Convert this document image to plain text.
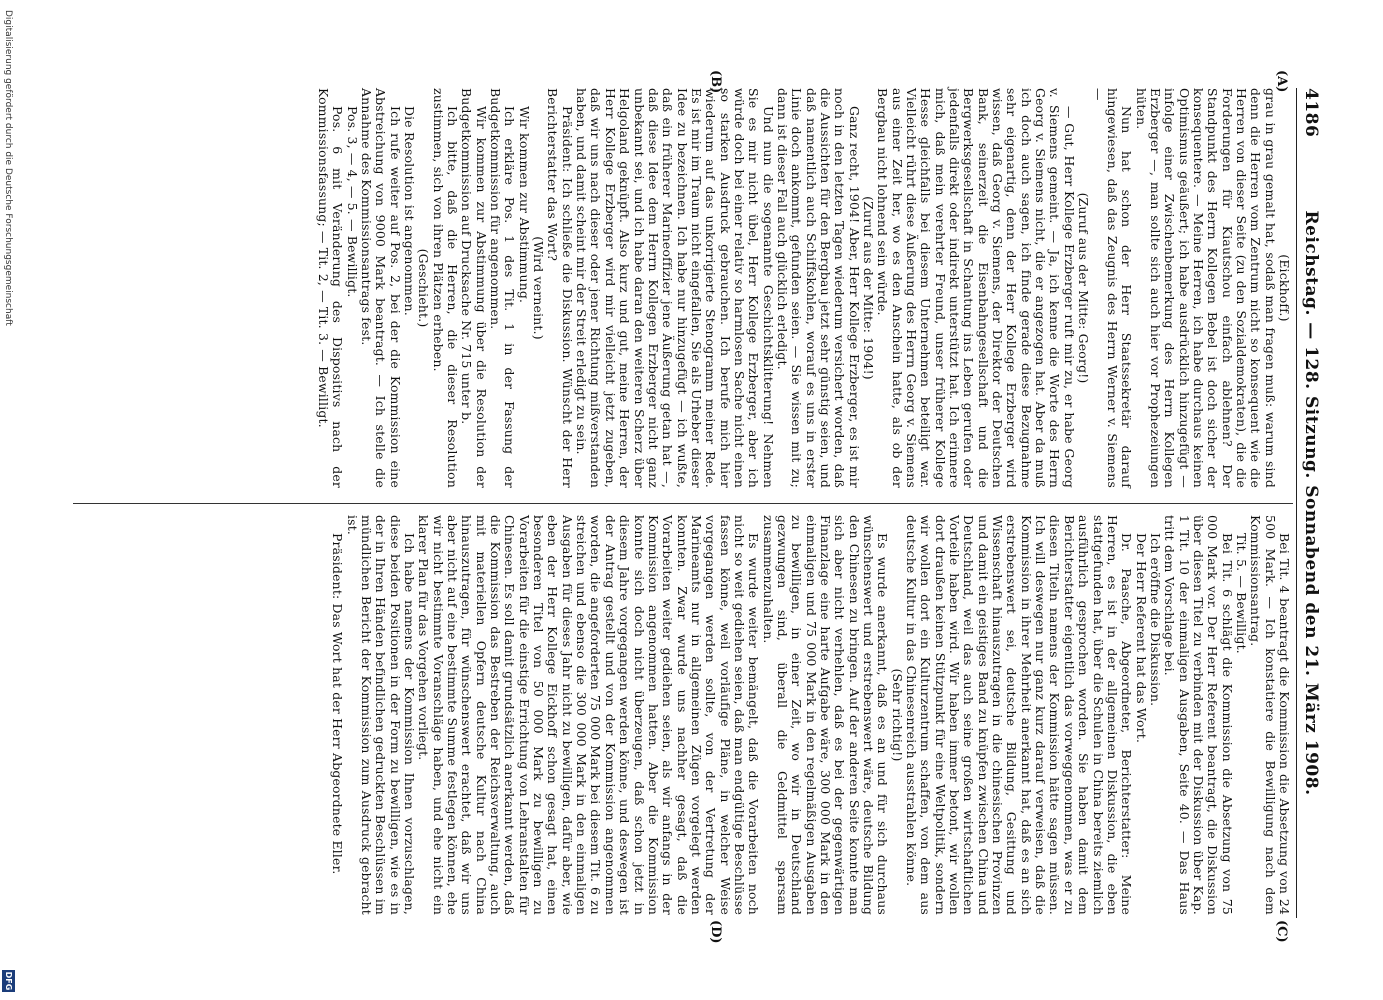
4186
Reichstag. — 128. Sitzung. Sonnabend den 21. März 1908.
(A)
(B)
(C)
(D)

(Eickhoff.)

grau in grau gemalt hat, sodaß man fragen muß: warum sind denn die Herren vom Zentrum nicht so konsequent wie die Herren von dieser Seite (zu den Sozialdemokraten), die die Forderungen für Kiautschou einfach ablehnen? Der Standpunkt des Herrn Kollegen Bebel ist doch sicher der konsequentere. — Meine Herren, ich habe durchaus keinen Optimismus geäußert; ich habe ausdrücklich hinzugefügt — infolge einer Zwischenbemerkung des Herrn Kollegen Erzberger —, man sollte sich auch hier vor Prophezeiungen hüten.

Nun hat schon der Herr Staatssekretär darauf hingewiesen, daß das Zeugnis des Herrn Werner v. Siemens —

(Zuruf aus der Mitte: Georg!)

— Gut, Herr Kollege Erzberger ruft mir zu, er habe Georg v. Siemens gemeint. — Ja, ich kenne die Worte des Herrn Georg v. Siemens nicht, die er angezogen hat. Aber da muß ich doch auch sagen, ich finde gerade diese Bezugnahme sehr eigenartig, denn der Herr Kollege Erzberger wird wissen, daß Georg v. Siemens, der Direktor der Deutschen Bank, seinerzeit die Eisenbahngesellschaft und die Bergwerksgesellschaft in Schantung ins Leben gerufen oder jedenfalls direkt oder indirekt unterstützt hat. Ich erinnere mich, daß mein verehrter Freund, unser früherer Kollege Hesse gleichfalls bei diesem Unternehmen beteiligt war. Vielleicht rührt diese Äußerung des Herrn Georg v. Siemens aus einer Zeit her, wo es den Anschein hatte, als ob der Bergbau nicht lohnend sein würde.

(Zuruf aus der Mitte: 1904!)

Ganz recht, 1904! Aber, Herr Kollege Erzberger, es ist mir noch in den letzten Tagen wiederum versichert worden, daß die Aussichten für den Bergbau jetzt sehr günstig seien, und daß namentlich auch Schiffskohlen, worauf es uns in erster Linie doch ankommt, gefunden seien. — Sie wissen mit zu; dann ist dieser Fall auch glücklich erledigt.

Und nun die sogenannte Geschichtsklitterung! Nehmen Sie es mir nicht übel, Herr Kollege Erzberger, aber ich würde doch bei einer relativ so harmlosen Sache nicht einen so starken Ausdruck gebrauchen. Ich berufe mich hier wiederum auf das unkorrigierte Stenogramm meiner Rede. Es ist mir im Traum nicht eingefallen, Sie als Urheber dieser Idee zu bezeichnen. Ich habe nur hinzugefügt — ich wußte, daß ein früherer Marineoffizier jene Äußerung getan hat —, daß diese Idee dem Herrn Kollegen Erzberger nicht ganz unbekannt sei, und ich habe daran den weiteren Scherz über Helgoland geknüpft. Also kurz und gut, meine Herren, der Herr Kollege Erzberger wird mir vielleicht jetzt zugeben, daß wir uns nach dieser oder jener Richtung mißverstanden haben, und damit scheint mir der Streit erledigt zu sein.

Präsident: Ich schließe die Diskussion. Wünscht der Herr Berichterstatter das Wort?

(Wird verneint.)

Wir kommen zur Abstimmung.

Ich erkläre Pos. 1 des Tit. 1 in der Fassung der Budgetkommission für angenommen.

Wir kommen zur Abstimmung über die Resolution der Budgetkommission auf Drucksache Nr. 715 unter b.

Ich bitte, daß die Herren, die dieser Resolution zustimmen, sich von ihren Plätzen erheben.

(Geschieht.)

Die Resolution ist angenommen.

Ich rufe weiter auf Pos. 2, bei der die Kommission eine Abstreichung von 9000 Mark beantragt. — Ich stelle die Annahme des Kommissionsantrags fest.

Pos. 3, — 4, — 5. — Bewilligt.

Pos. 6 mit Veränderung des Dispositivs nach der Kommissionsfassung; — Tit. 2, — Tit. 3. — Bewilligt.

Bei Tit. 4 beantragt die Kommission die Absetzung von 24 500 Mark. — Ich konstatiere die Bewilligung nach dem Kommissionsantrag.

Tit. 5. — Bewilligt.

Bei Tit. 6 schlägt die Kommission die Absetzung von 75 000 Mark vor. Der Herr Referent beantragt, die Diskussion über diesen Titel zu verbinden mit der Diskussion über Kap. 1 Tit. 10 der einmaligen Ausgaben, Seite 40. — Das Haus tritt dem Vorschlage bei.

Ich eröffne die Diskussion.

Der Herr Referent hat das Wort.

Dr. Paasche, Abgeordneter, Berichterstatter: Meine Herren, es ist in der allgemeinen Diskussion, die eben stattgefunden hat, über die Schulen in China bereits ziemlich ausführlich gesprochen worden. Sie haben damit dem Berichterstatter eigentlich das vorweggenommen, was er zu diesen Titeln namens der Kommission hätte sagen müssen. Ich will deswegen nur ganz kurz darauf verweisen, daß die Kommission in ihrer Mehrheit anerkannt hat, daß es an sich erstrebenswert sei, deutsche Bildung, Gesittung und Wissenschaft hinauszutragen in die chinesischen Provinzen und damit ein geistiges Band zu knüpfen zwischen China und Deutschland, weil das auch seine großen wirtschaftlichen Vorteile haben wird. Wir haben immer betont, wir wollen dort draußen keinen Stützpunkt für eine Weltpolitik, sondern wir wollen dort ein Kulturzentrum schaffen, von dem aus deutsche Kultur in das Chinesenreich ausstrahlen könne.

(Sehr richtig!)

Es wurde anerkannt, daß es an und für sich durchaus wünschenswert und erstrebenswert wäre, deutsche Bildung den Chinesen zu bringen. Auf der anderen Seite konnte man sich aber nicht verhehlen, daß es bei der gegenwärtigen Finanzlage eine harte Aufgabe wäre, 300 000 Mark in den einmaligen und 75 000 Mark in den regelmäßigen Ausgaben zu bewilligen, in einer Zeit, wo wir in Deutschland gezwungen sind, überall die Geldmittel sparsam zusammenzuhalten.

Es wurde weiter bemängelt, daß die Vorarbeiten noch nicht so weit gediehen seien, daß man endgültige Beschlüsse fassen könne, weil vorläufige Pläne, in welcher Weise vorgegangen werden sollte, von der Vertretung der Marineamts nur in allgemeinen Zügen vorgelegt werden konnten. Zwar wurde uns nachher gesagt, daß die Vorarbeiten weiter gediehen seien, als wir anfangs in der Kommission angenommen hatten. Aber die Kommission konnte sich doch nicht überzeugen, daß schon jetzt in diesem Jahre vorgegangen werden könne, und deswegen ist der Antrag gestellt und von der Kommission angenommen worden, die angeforderten 75 000 Mark bei diesem Tit. 6 zu streichen und ebenso die 300 000 Mark in den einmaligen Ausgaben für dieses Jahr nicht zu bewilligen, dafür aber, wie eben der Herr Kollege Eickhoff schon gesagt hat, einen besonderen Titel von 50 000 Mark zu bewilligen zu Vorarbeiten für die einstige Errichtung von Lehranstalten für Chinesen. Es soll damit grundsätzlich anerkannt werden, daß die Kommission das Bestreben der Reichsverwaltung, auch mit materiellen Opfern deutsche Kultur nach China hinauszutragen, für wünschenswert erachtet, daß wir uns aber nicht auf eine bestimmte Summe festlegen können, ehe wir nicht bestimmte Voranschläge haben, und ehe nicht ein klarer Plan für das Vorgehen vorliegt.

Ich habe namens der Kommission Ihnen vorzuschlagen, diese beiden Positionen in der Form zu bewilligen, wie es in der in Ihren Händen befindlichen gedruckten Beschlüssen im mündlichen Bericht der Kommission zum Ausdruck gebracht ist.

Präsident: Das Wort hat der Herr Abgeordnete Eller.

Digitalisierung gefördert durch die Deutsche Forschungsgemeinschaft
DFG
